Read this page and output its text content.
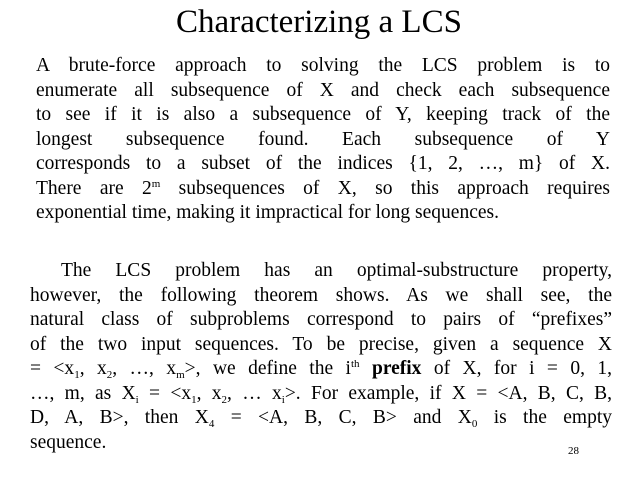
Characterizing a LCS
A brute-force approach to solving the LCS problem is to
enumerate all subsequence of X and check each subsequence
to see if it is also a subsequence of Y, keeping track of the
longest subsequence found. Each subsequence of Y
corresponds to a subset of the indices {1, 2, …, m} of X.
There are 2$^m$ subsequences of X, so this approach requires
exponential time, making it impractical for long sequences.
The LCS problem has an optimal-substructure property,
however, the following theorem shows. As we shall see, the
natural class of subproblems correspond to pairs of “prefixes”
of the two input sequences. To be precise, given a sequence X
= $<x_1$, $x_2$, …, $x_m>$, we define the $i^{th}$ prefix of X, for i = 0, 1,
…, m, as $X_i = <x_1$, $x_2$, … $x_i>$. For example, if X = <A, B, C, B,
D, A, B>, then $X_4 = <A$, B, C, B> and $X_0$ is the empty
sequence.	28
